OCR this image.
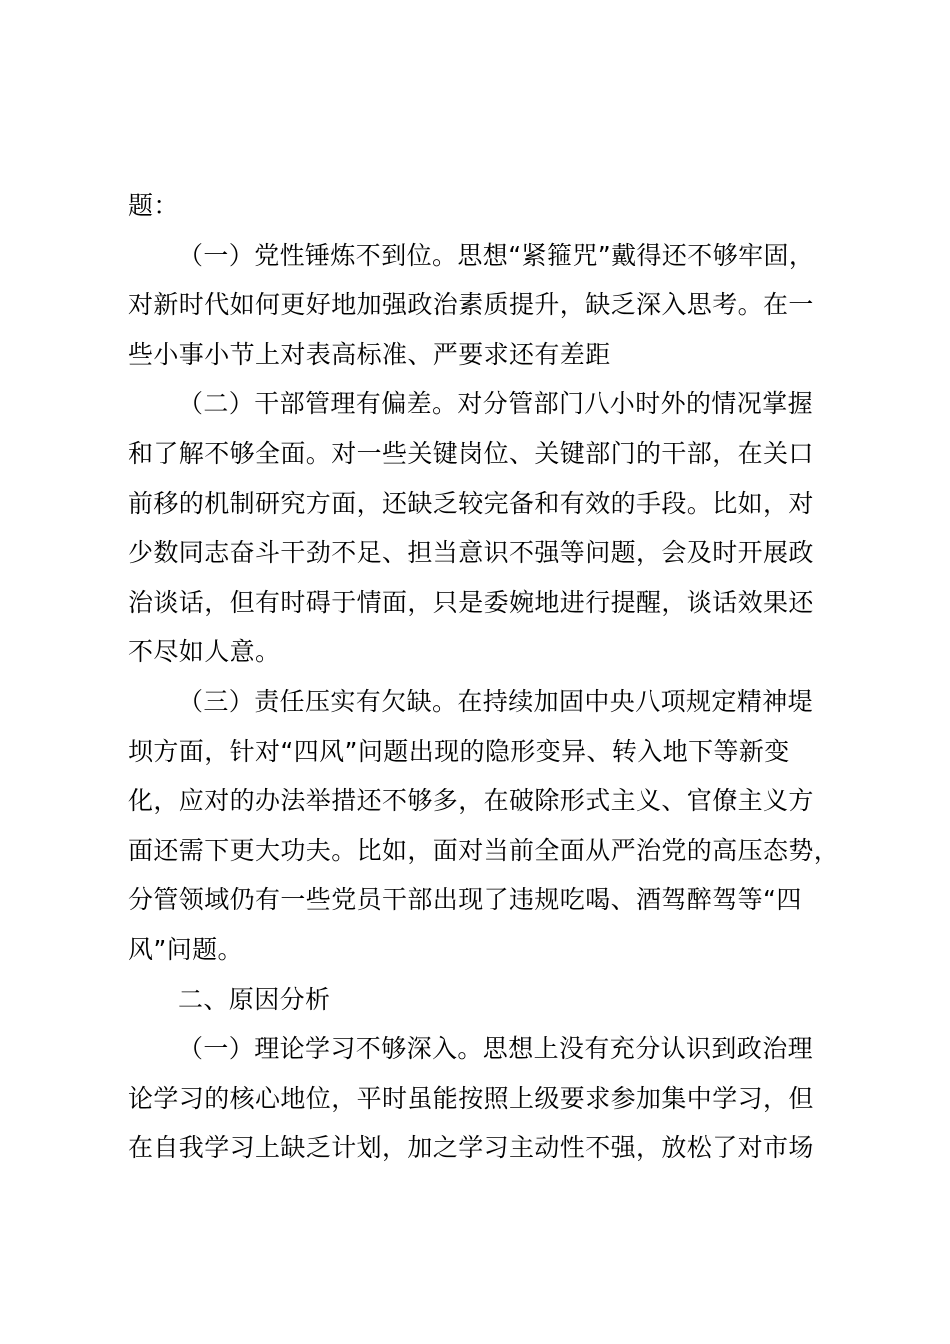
题：
（一）党性锤炼不到位。思想“紧箍咒”戴得还不够牢固，
对新时代如何更好地加强政治素质提升，缺乏深入思考。在一
些小事小节上对表高标准、严要求还有差距
（二）干部管理有偏差。对分管部门八小时外的情况掌握
和了解不够全面。对一些关键岗位、关键部门的干部，在关口
前移的机制研究方面，还缺乏较完备和有效的手段。比如，对
少数同志奋斗干劲不足、担当意识不强等问题，会及时开展政
治谈话，但有时碍于情面，只是委婉地进行提醒，谈话效果还
不尽如人意。
（三）责任压实有欠缺。在持续加固中央八项规定精神堤
坝方面，针对“四风”问题出现的隐形变异、转入地下等新变
化，应对的办法举措还不够多，在破除形式主义、官僚主义方
面还需下更大功夫。比如，面对当前全面从严治党的高压态势，
分管领域仍有一些党员干部出现了违规吃喝、酒驾醉驾等“四
风”问题。
二、原因分析
（一）理论学习不够深入。思想上没有充分认识到政治理
论学习的核心地位，平时虽能按照上级要求参加集中学习，但
在自我学习上缺乏计划，加之学习主动性不强，放松了对市场
